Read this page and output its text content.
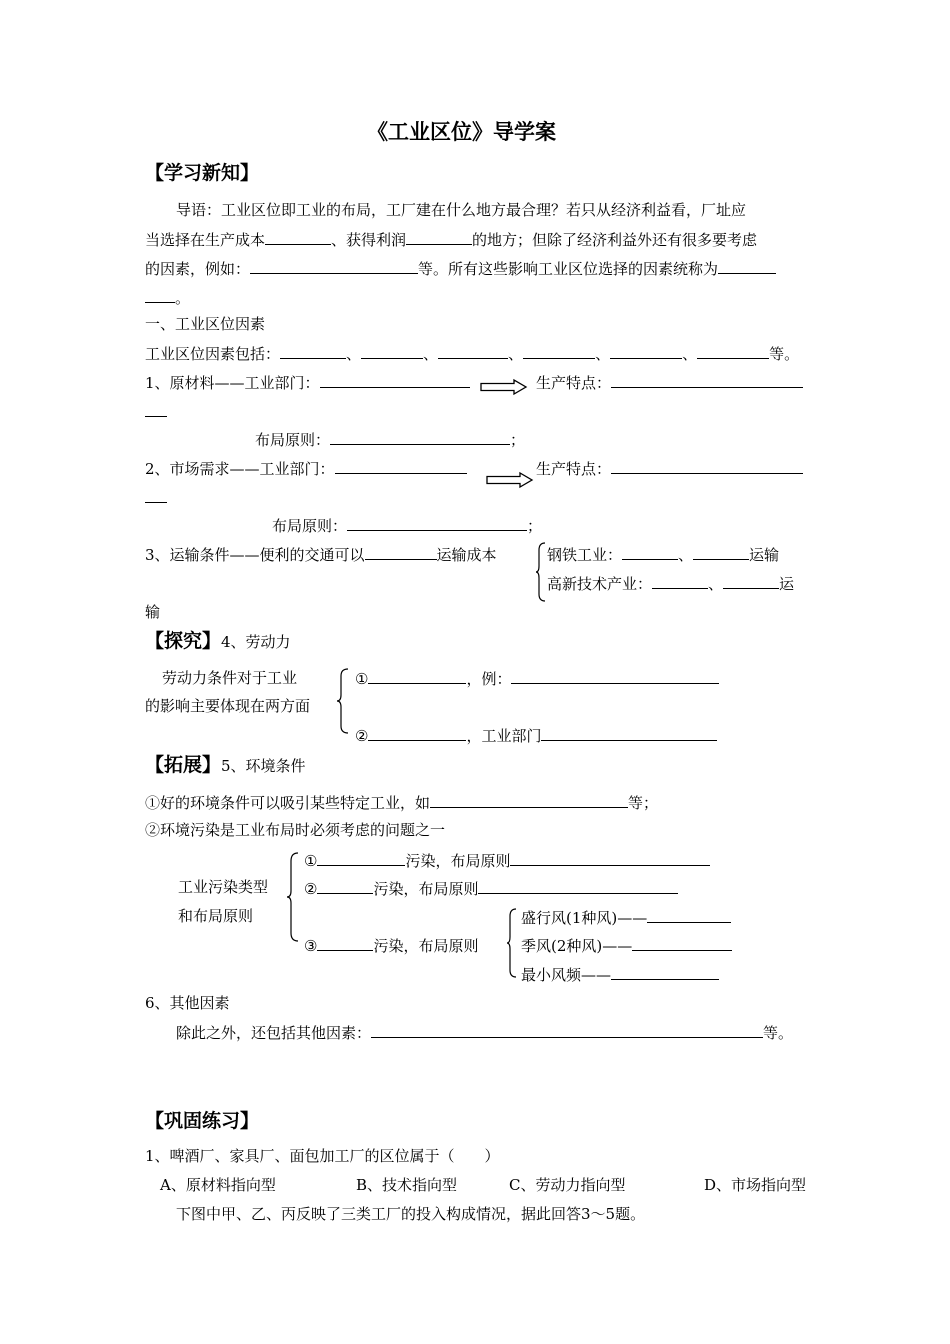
《工业区位》导学案
【学习新知】
导语：工业区位即工业的布局，工厂建在什么地方最合理？若只从经济利益看，厂址应
当选择在生产成本	、获得利润	的地方；但除了经济利益外还有很多要考虑
的因素，例如：	等。所有这些影响工业区位选择的因素统称为
。
一、工业区位因素
工业区位因素包括：	、	、	、	、	、	等。
1、原材料——工业部门：	生产特点：
布局原则：	；
2、市场需求——工业部门：	生产特点：
布局原则：	；
3、运输条件——便利的交通可以	运输成本	钢铁工业：	、	运输
高新技术产业：	、	运
输
【探究】4、劳动力
劳动力条件对于工业
的影响主要体现在两方面
①	，例：
②	，工业部门
【拓展】5、环境条件
①好的环境条件可以吸引某些特定工业，如	等；
②环境污染是工业布局时必须考虑的问题之一
工业污染类型
和布局原则
①	污染，布局原则
②	污染，布局原则
③	污染，布局原则
盛行风(1种风)——
季风(2种风)——
最小风频——
6、其他因素
除此之外，还包括其他因素：	等。
【巩固练习】
1、啤酒厂、家具厂、面包加工厂的区位属于（　　）
A、原材料指向型	B、技术指向型	C、劳动力指向型	D、市场指向型
下图中甲、乙、丙反映了三类工厂的投入构成情况，据此回答3～5题。
